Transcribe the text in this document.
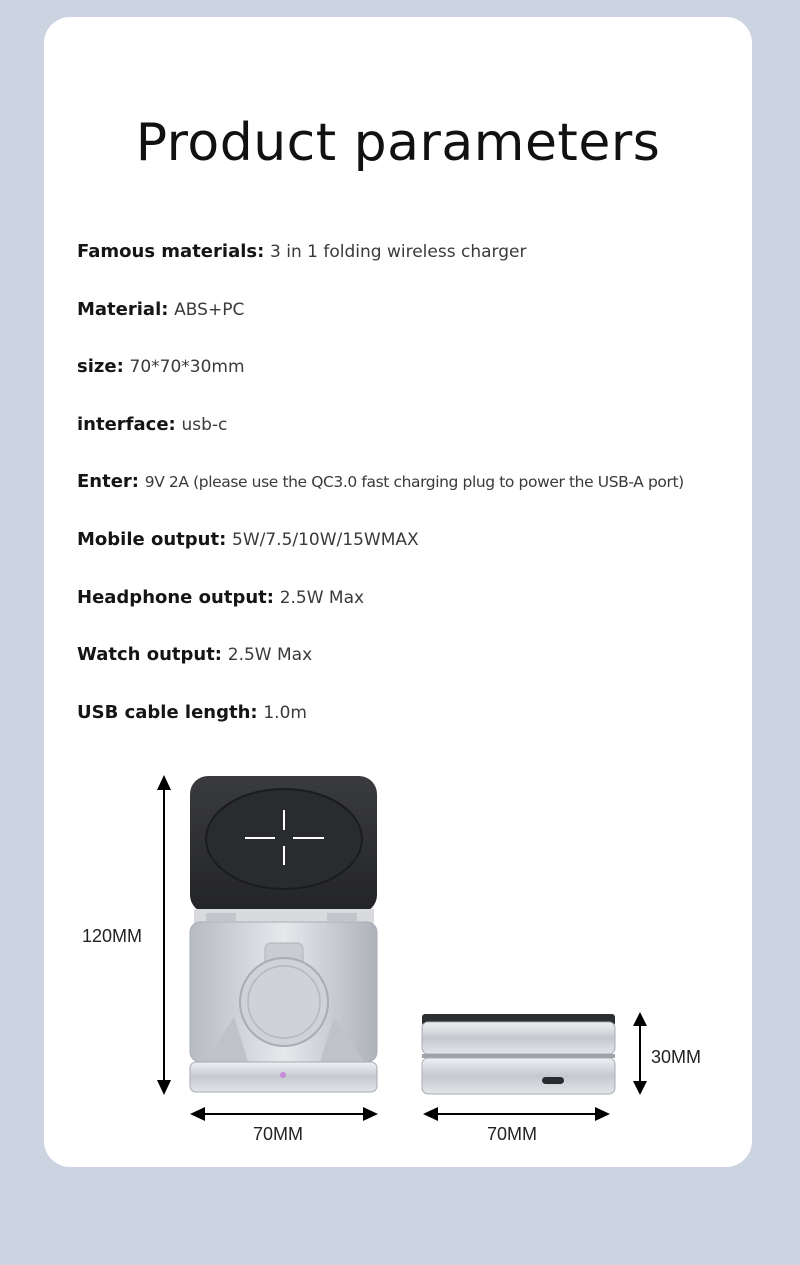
Product parameters
Famous materials: 3 in 1 folding wireless charger
Material: ABS+PC
size: 70*70*30mm
interface: usb-c
Enter: 9V 2A (please use the QC3.0 fast charging plug to power the USB-A port)
Mobile output: 5W/7.5/10W/15WMAX
Headphone output: 2.5W Max
Watch output: 2.5W Max
USB cable length: 1.0m
120MM
70MM
30MM
70MM
